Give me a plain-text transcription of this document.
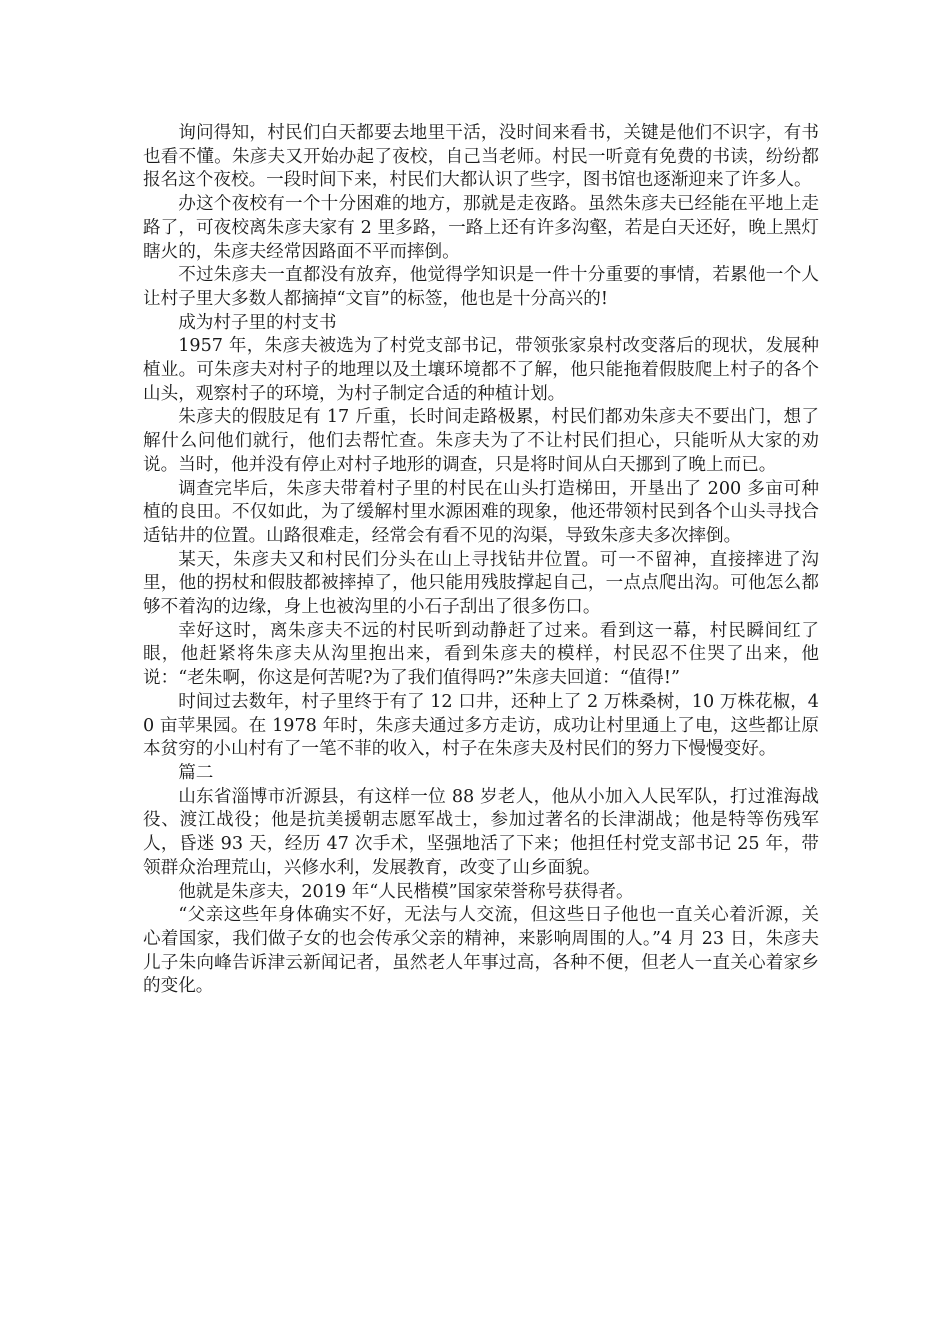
询问得知，村民们白天都要去地里干活，没时间来看书，关键是他们不识字，有书也看不懂。朱彦夫又开始办起了夜校，自己当老师。村民一听竟有免费的书读，纷纷都报名这个夜校。一段时间下来，村民们大都认识了些字，图书馆也逐渐迎来了许多人。

办这个夜校有一个十分困难的地方，那就是走夜路。虽然朱彦夫已经能在平地上走路了，可夜校离朱彦夫家有 2 里多路，一路上还有许多沟壑，若是白天还好，晚上黑灯瞎火的，朱彦夫经常因路面不平而摔倒。

不过朱彦夫一直都没有放弃，他觉得学知识是一件十分重要的事情，若累他一个人让村子里大多数人都摘掉“文盲”的标签，他也是十分高兴的!

成为村子里的村支书

1957 年，朱彦夫被选为了村党支部书记，带领张家泉村改变落后的现状，发展种植业。可朱彦夫对村子的地理以及土壤环境都不了解，他只能拖着假肢爬上村子的各个山头，观察村子的环境，为村子制定合适的种植计划。

朱彦夫的假肢足有 17 斤重，长时间走路极累，村民们都劝朱彦夫不要出门，想了解什么问他们就行，他们去帮忙查。朱彦夫为了不让村民们担心，只能听从大家的劝说。当时，他并没有停止对村子地形的调查，只是将时间从白天挪到了晚上而已。

调查完毕后，朱彦夫带着村子里的村民在山头打造梯田，开垦出了 200 多亩可种植的良田。不仅如此，为了缓解村里水源困难的现象，他还带领村民到各个山头寻找合适钻井的位置。山路很难走，经常会有看不见的沟渠，导致朱彦夫多次摔倒。

某天，朱彦夫又和村民们分头在山上寻找钻井位置。可一不留神，直接摔进了沟里，他的拐杖和假肢都被摔掉了，他只能用残肢撑起自己，一点点爬出沟。可他怎么都够不着沟的边缘，身上也被沟里的小石子刮出了很多伤口。

幸好这时，离朱彦夫不远的村民听到动静赶了过来。看到这一幕，村民瞬间红了眼，他赶紧将朱彦夫从沟里抱出来，看到朱彦夫的模样，村民忍不住哭了出来，他说：“老朱啊，你这是何苦呢?为了我们值得吗?”朱彦夫回道：“值得!”

时间过去数年，村子里终于有了 12 口井，还种上了 2 万株桑树，10 万株花椒，40 亩苹果园。在 1978 年时，朱彦夫通过多方走访，成功让村里通上了电，这些都让原本贫穷的小山村有了一笔不菲的收入，村子在朱彦夫及村民们的努力下慢慢变好。

篇二

山东省淄博市沂源县，有这样一位 88 岁老人，他从小加入人民军队，打过淮海战役、渡江战役；他是抗美援朝志愿军战士，参加过著名的长津湖战；他是特等伤残军人，昏迷 93 天，经历 47 次手术，坚强地活了下来；他担任村党支部书记 25 年，带领群众治理荒山，兴修水利，发展教育，改变了山乡面貌。

他就是朱彦夫，2019 年“人民楷模”国家荣誉称号获得者。

“父亲这些年身体确实不好，无法与人交流，但这些日子他也一直关心着沂源，关心着国家，我们做子女的也会传承父亲的精神，来影响周围的人。”4 月 23 日，朱彦夫儿子朱向峰告诉津云新闻记者，虽然老人年事过高，各种不便，但老人一直关心着家乡的变化。
